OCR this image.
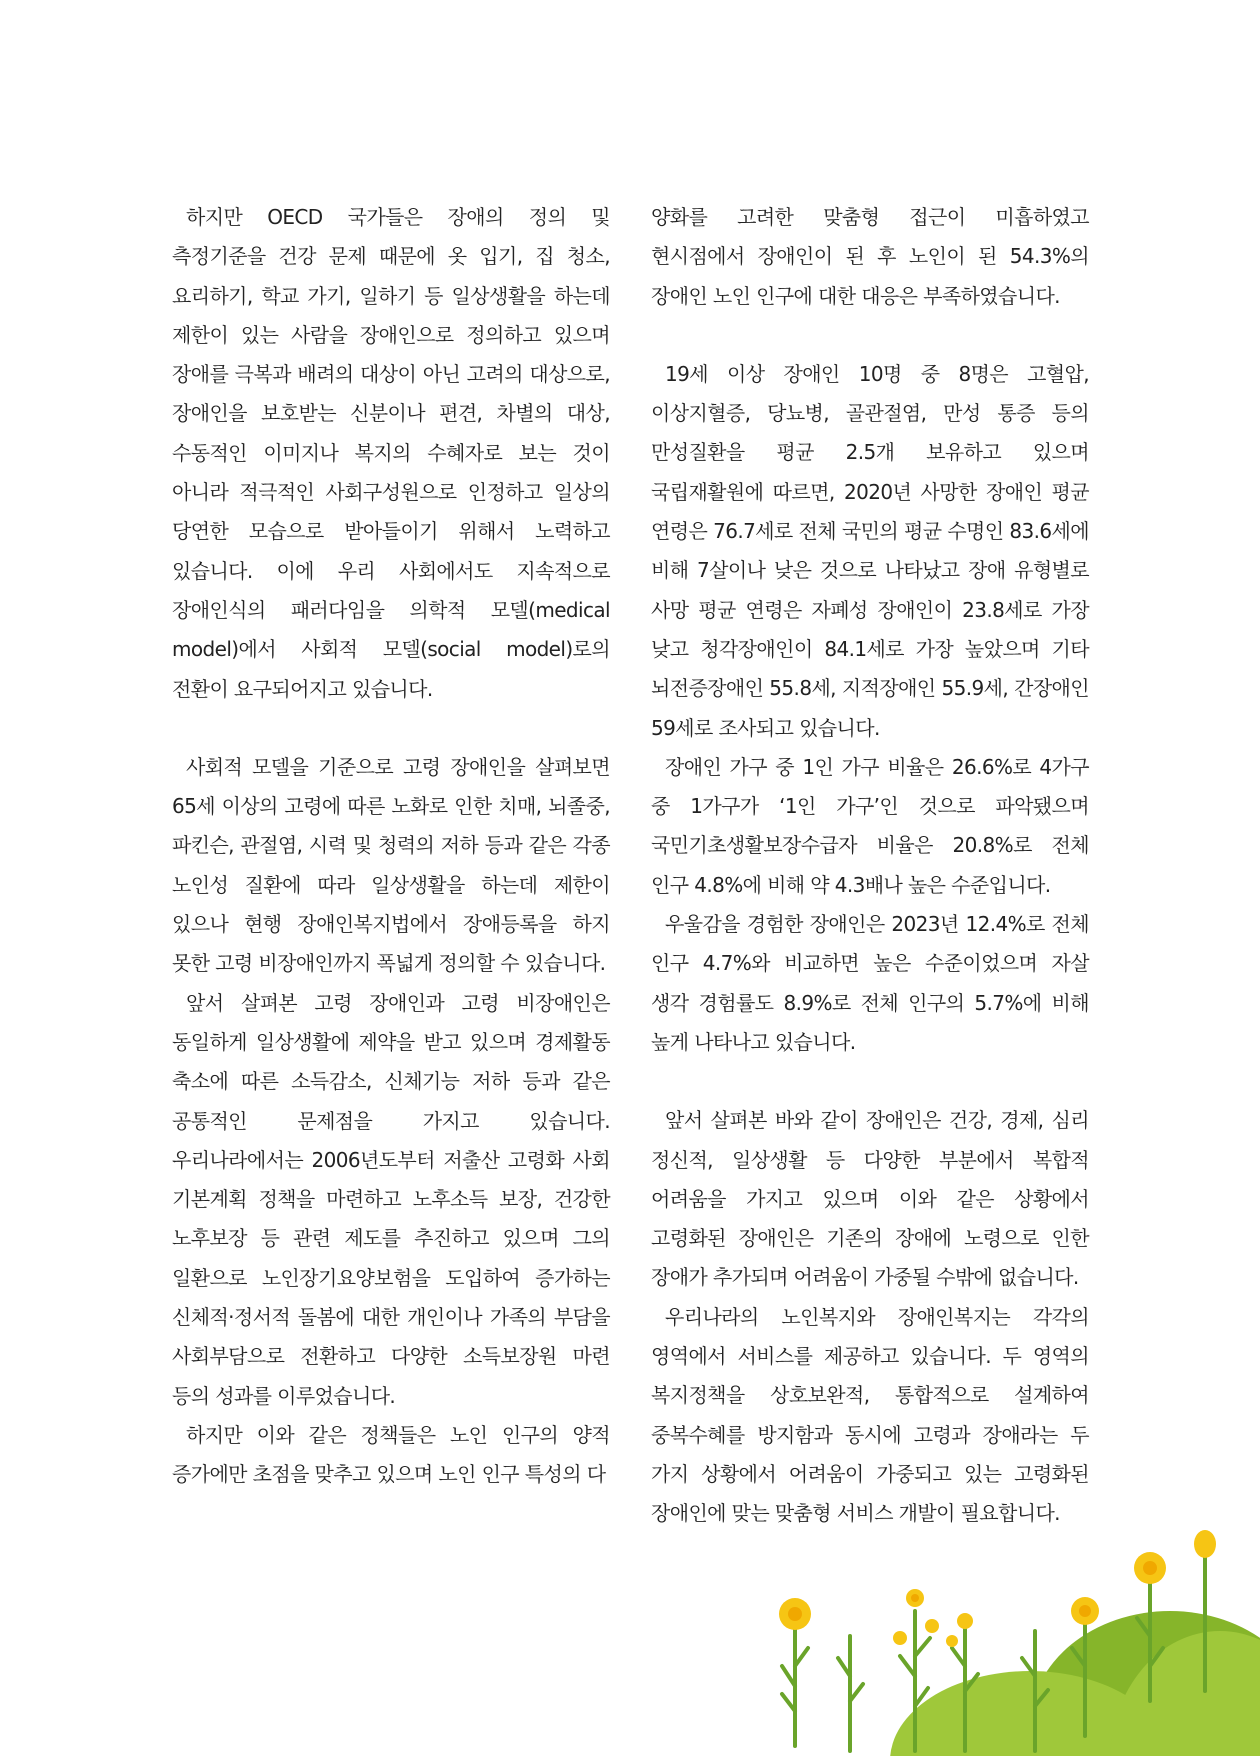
하지만 OECD 국가들은 장애의 정의 및 측정기준을 건강 문제 때문에 옷 입기, 집 청소, 요리하기, 학교 가기, 일하기 등 일상생활을 하는데 제한이 있는 사람을 장애인으로 정의하고 있으며 장애를 극복과 배려의 대상이 아닌 고려의 대상으로, 장애인을 보호받는 신분이나 편견, 차별의 대상, 수동적인 이미지나 복지의 수혜자로 보는 것이 아니라 적극적인 사회구성원으로 인정하고 일상의 당연한 모습으로 받아들이기 위해서 노력하고 있습니다. 이에 우리 사회에서도 지속적으로 장애인식의 패러다임을 의학적 모델(medical model)에서 사회적 모델(social model)로의 전환이 요구되어지고 있습니다.

사회적 모델을 기준으로 고령 장애인을 살펴보면 65세 이상의 고령에 따른 노화로 인한 치매, 뇌졸중, 파킨슨, 관절염, 시력 및 청력의 저하 등과 같은 각종 노인성 질환에 따라 일상생활을 하는데 제한이 있으나 현행 장애인복지법에서 장애등록을 하지 못한 고령 비장애인까지 폭넓게 정의할 수 있습니다.

앞서 살펴본 고령 장애인과 고령 비장애인은 동일하게 일상생활에 제약을 받고 있으며 경제활동 축소에 따른 소득감소, 신체기능 저하 등과 같은 공통적인 문제점을 가지고 있습니다. 우리나라에서는 2006년도부터 저출산 고령화 사회 기본계획 정책을 마련하고 노후소득 보장, 건강한 노후보장 등 관련 제도를 추진하고 있으며 그의 일환으로 노인장기요양보험을 도입하여 증가하는 신체적·정서적 돌봄에 대한 개인이나 가족의 부담을 사회부담으로 전환하고 다양한 소득보장원 마련 등의 성과를 이루었습니다.

하지만 이와 같은 정책들은 노인 인구의 양적 증가에만 초점을 맞추고 있으며 노인 인구 특성의 다

양화를 고려한 맞춤형 접근이 미흡하였고 현시점에서 장애인이 된 후 노인이 된 54.3%의 장애인 노인 인구에 대한 대응은 부족하였습니다.

19세 이상 장애인 10명 중 8명은 고혈압, 이상지혈증, 당뇨병, 골관절염, 만성 통증 등의 만성질환을 평균 2.5개 보유하고 있으며 국립재활원에 따르면, 2020년 사망한 장애인 평균 연령은 76.7세로 전체 국민의 평균 수명인 83.6세에 비해 7살이나 낮은 것으로 나타났고 장애 유형별로 사망 평균 연령은 자폐성 장애인이 23.8세로 가장 낮고 청각장애인이 84.1세로 가장 높았으며 기타 뇌전증장애인 55.8세, 지적장애인 55.9세, 간장애인 59세로 조사되고 있습니다.

장애인 가구 중 1인 가구 비율은 26.6%로 4가구 중 1가구가 ‘1인 가구’인 것으로 파악됐으며 국민기초생활보장수급자 비율은 20.8%로 전체 인구 4.8%에 비해 약 4.3배나 높은 수준입니다.

우울감을 경험한 장애인은 2023년 12.4%로 전체 인구 4.7%와 비교하면 높은 수준이었으며 자살 생각 경험률도 8.9%로 전체 인구의 5.7%에 비해 높게 나타나고 있습니다.

앞서 살펴본 바와 같이 장애인은 건강, 경제, 심리 정신적, 일상생활 등 다양한 부분에서 복합적 어려움을 가지고 있으며 이와 같은 상황에서 고령화된 장애인은 기존의 장애에 노령으로 인한 장애가 추가되며 어려움이 가중될 수밖에 없습니다.

우리나라의 노인복지와 장애인복지는 각각의 영역에서 서비스를 제공하고 있습니다. 두 영역의 복지정책을 상호보완적, 통합적으로 설계하여 중복수혜를 방지함과 동시에 고령과 장애라는 두 가지 상황에서 어려움이 가중되고 있는 고령화된 장애인에 맞는 맞춤형 서비스 개발이 필요합니다.
